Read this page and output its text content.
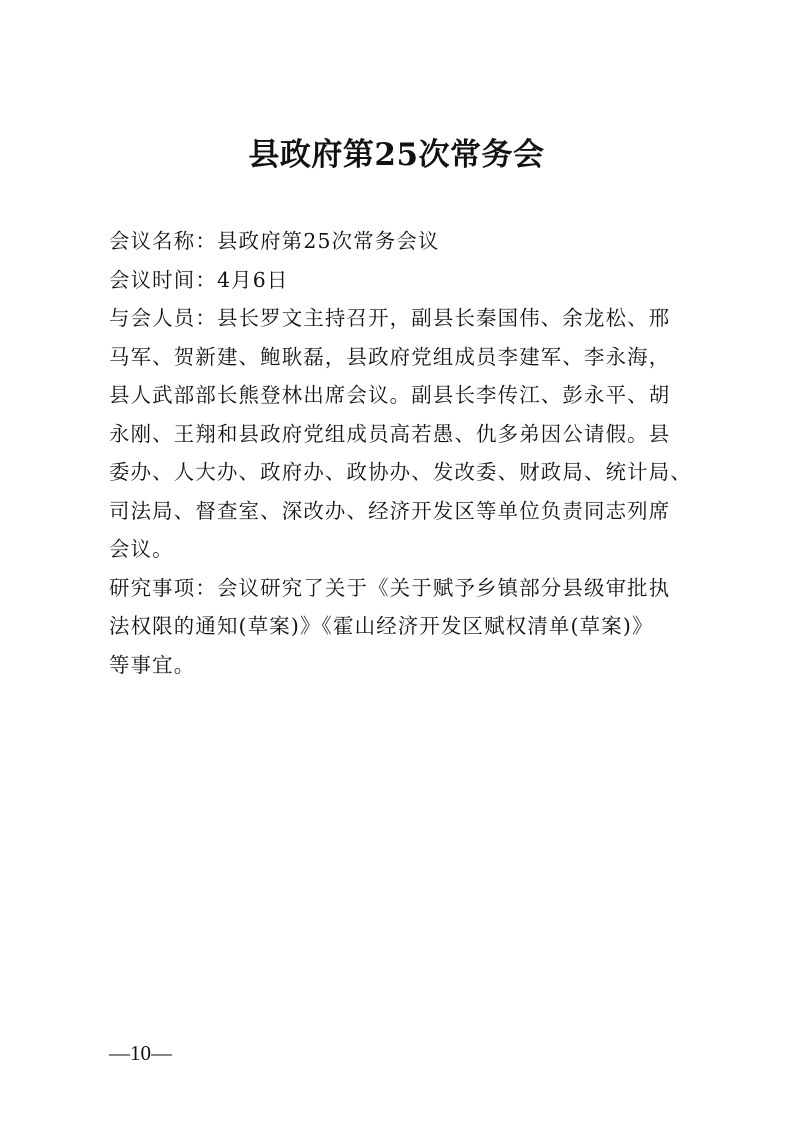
县政府第25次常务会
会议名称：县政府第25次常务会议
会议时间：4月6日
与会人员：县长罗文主持召开，副县长秦国伟、余龙松、邢
马军、贺新建、鲍耿磊，县政府党组成员李建军、李永海，
县人武部部长熊登林出席会议。副县长李传江、彭永平、胡
永刚、王翔和县政府党组成员高若愚、仇多弟因公请假。县
委办、人大办、政府办、政协办、发改委、财政局、统计局、
司法局、督查室、深改办、经济开发区等单位负责同志列席
会议。
研究事项：会议研究了关于《关于赋予乡镇部分县级审批执
法权限的通知(草案)》《霍山经济开发区赋权清单(草案)》
等事宜。
—10—
